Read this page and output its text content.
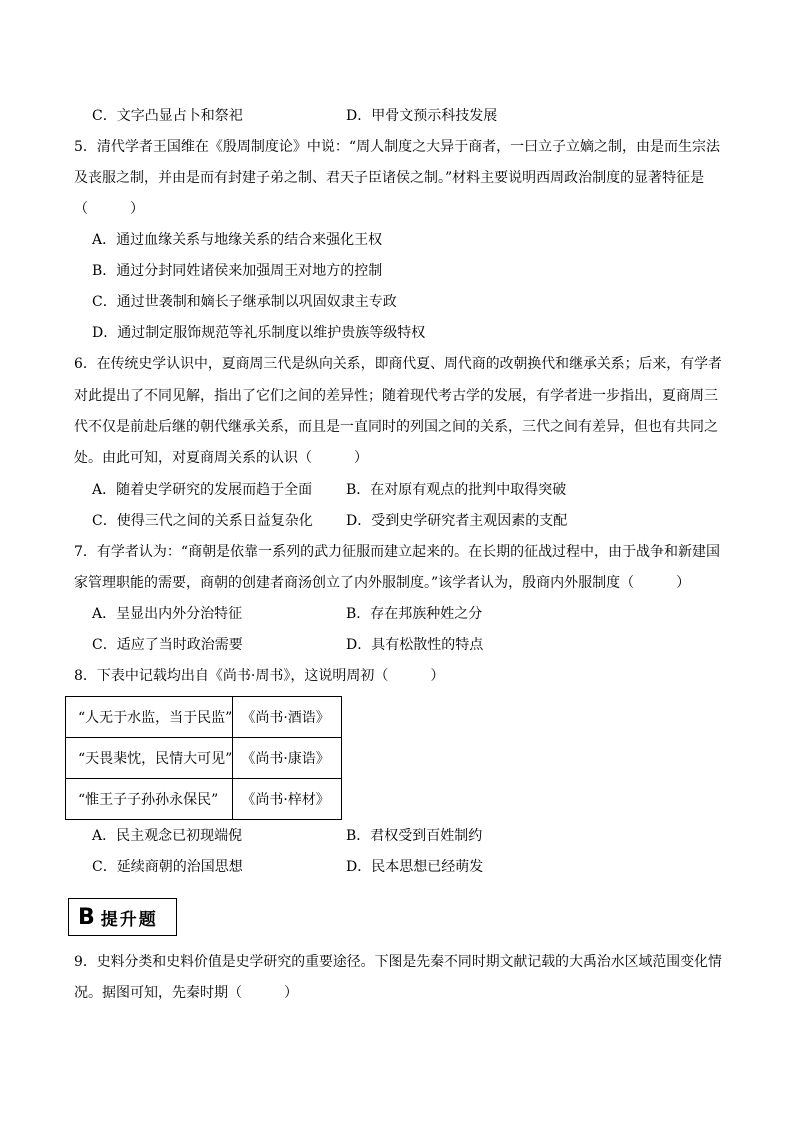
C．文字凸显占卜和祭祀	D．甲骨文预示科技发展
5．清代学者王国维在《殷周制度论》中说：“周人制度之大异于商者，一曰立子立嫡之制，由是而生宗法
及丧服之制，并由是而有封建子弟之制、君天子臣诸侯之制。”材料主要说明西周政治制度的显著特征是
（　　　）
A．通过血缘关系与地缘关系的结合来强化王权
B．通过分封同姓诸侯来加强周王对地方的控制
C．通过世袭制和嫡长子继承制以巩固奴隶主专政
D．通过制定服饰规范等礼乐制度以维护贵族等级特权
6．在传统史学认识中，夏商周三代是纵向关系，即商代夏、周代商的改朝换代和继承关系；后来，有学者
对此提出了不同见解，指出了它们之间的差异性；随着现代考古学的发展，有学者进一步指出，夏商周三
代不仅是前赴后继的朝代继承关系，而且是一直同时的列国之间的关系，三代之间有差异，但也有共同之
处。由此可知，对夏商周关系的认识（　　　）
A．随着史学研究的发展而趋于全面 B．在对原有观点的批判中取得突破
C．使得三代之间的关系日益复杂化 D．受到史学研究者主观因素的支配
7．有学者认为：“商朝是依靠一系列的武力征服而建立起来的。在长期的征战过程中，由于战争和新建国
家管理职能的需要，商朝的创建者商汤创立了内外服制度。”该学者认为，殷商内外服制度（　　　）
A．呈显出内外分治特征	B．存在邦族种姓之分
C．适应了当时政治需要	D．具有松散性的特点
8．下表中记载均出自《尚书·周书》，这说明周初（　　　）
“人无于水监，当于民监”	《尚书·酒诰》
“天畏棐忱，民情大可见”	《尚书·康诰》
“惟王子子孙孙永保民”	《尚书·梓材》
A．民主观念已初现端倪	B．君权受到百姓制约
C．延续商朝的治国思想	D．民本思想已经萌发
B 提升题
9．史料分类和史料价值是史学研究的重要途径。下图是先秦不同时期文献记载的大禹治水区域范围变化情
况。据图可知，先秦时期（　　　）
